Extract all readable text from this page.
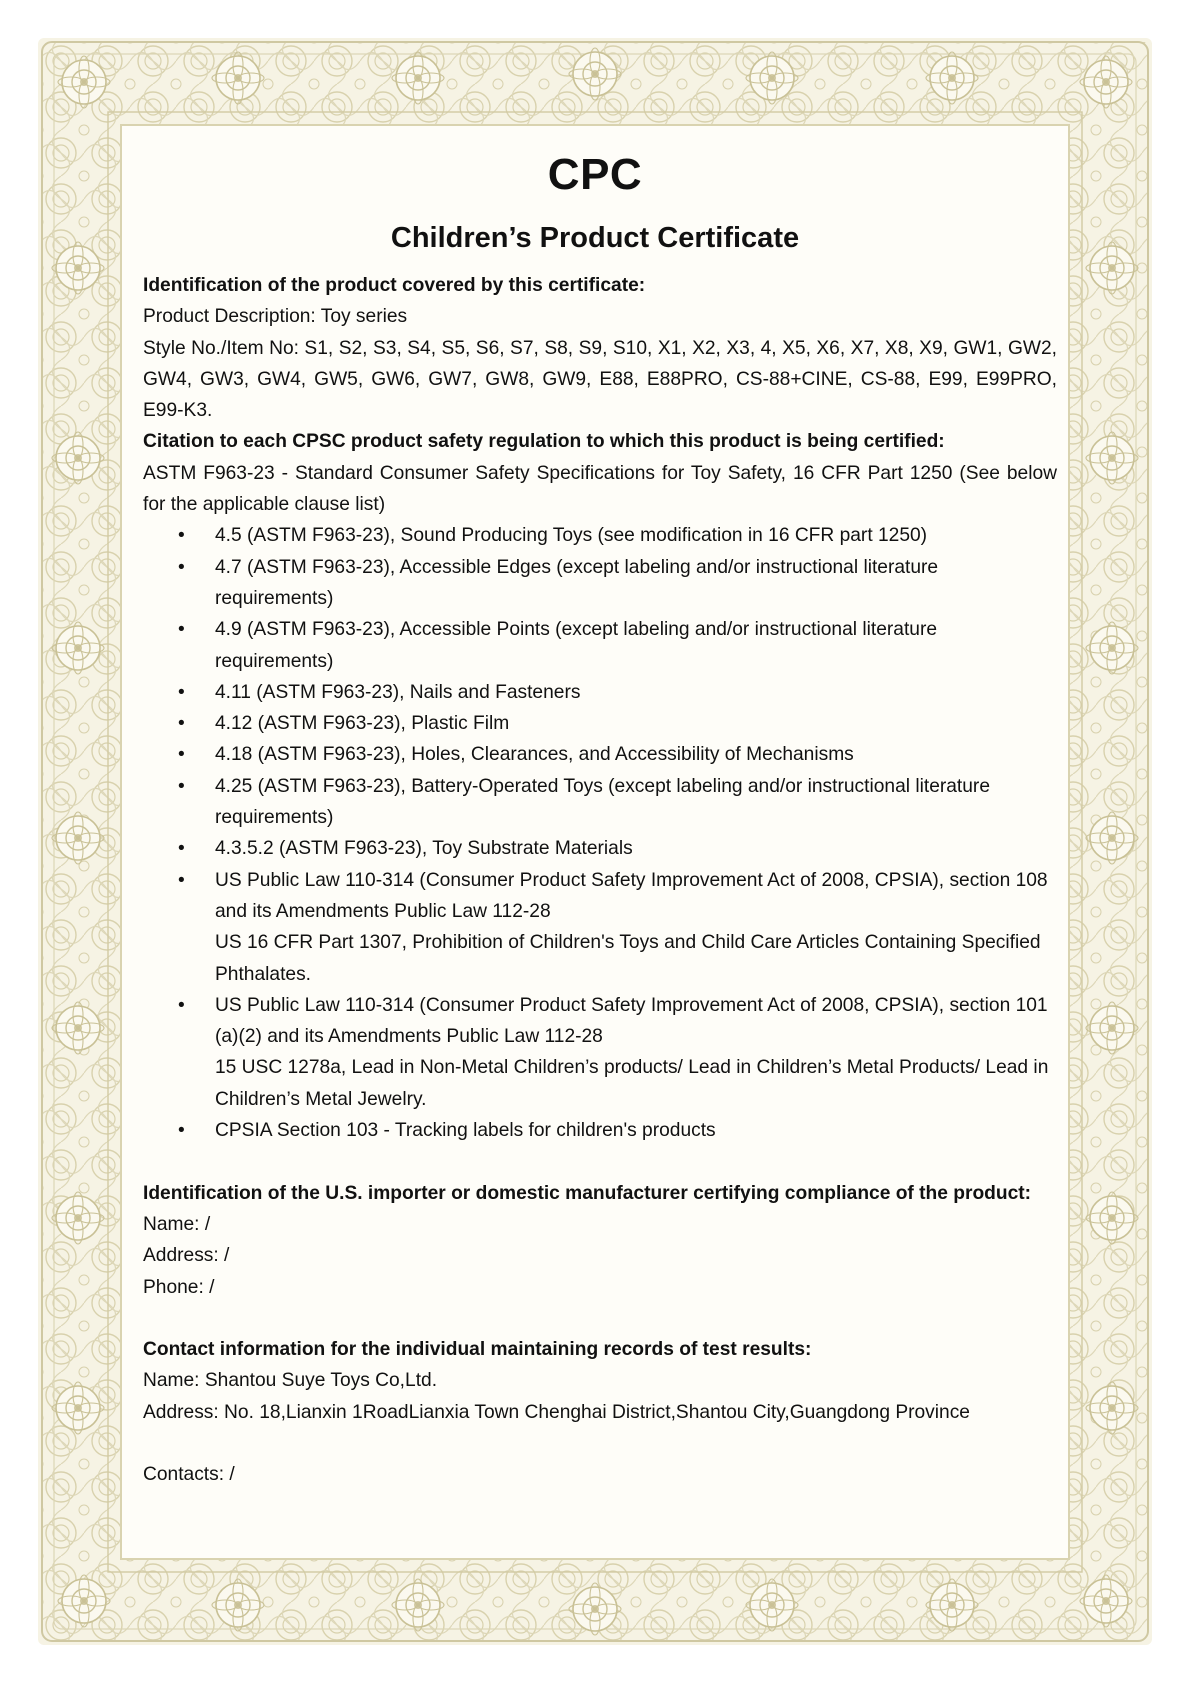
CPC
Children’s Product Certificate

Identification of the product covered by this certificate:

Product Description: Toy series

Style No./Item No: S1, S2, S3, S4, S5, S6, S7, S8, S9, S10, X1, X2, X3, 4, X5, X6, X7, X8, X9, GW1, GW2, GW4, GW3, GW4, GW5, GW6, GW7, GW8, GW9, E88, E88PRO, CS-88+CINE, CS-88, E99, E99PRO, E99-K3.

Citation to each CPSC product safety regulation to which this product is being certified:

ASTM F963-23 - Standard Consumer Safety Specifications for Toy Safety, 16 CFR Part 1250 (See below for the applicable clause list)

• 4.5 (ASTM F963-23), Sound Producing Toys (see modification in 16 CFR part 1250)
• 4.7 (ASTM F963-23), Accessible Edges (except labeling and/or instructional literature requirements)
• 4.9 (ASTM F963-23), Accessible Points (except labeling and/or instructional literature requirements)
• 4.11 (ASTM F963-23), Nails and Fasteners
• 4.12 (ASTM F963-23), Plastic Film
• 4.18 (ASTM F963-23), Holes, Clearances, and Accessibility of Mechanisms
• 4.25 (ASTM F963-23), Battery-Operated Toys (except labeling and/or instructional literature requirements)
• 4.3.5.2 (ASTM F963-23), Toy Substrate Materials
• US Public Law 110-314 (Consumer Product Safety Improvement Act of 2008, CPSIA), section 108 and its Amendments Public Law 112-28
US 16 CFR Part 1307, Prohibition of Children's Toys and Child Care Articles Containing Specified Phthalates.
• US Public Law 110-314 (Consumer Product Safety Improvement Act of 2008, CPSIA), section 101 (a)(2) and its Amendments Public Law 112-28
15 USC 1278a, Lead in Non-Metal Children’s products/ Lead in Children’s Metal Products/ Lead in Children’s Metal Jewelry.
• CPSIA Section 103 - Tracking labels for children's products

Identification of the U.S. importer or domestic manufacturer certifying compliance of the product:

Name: /

Address: /

Phone: /

Contact information for the individual maintaining records of test results:

Name: Shantou Suye Toys Co,Ltd.

Address: No. 18,Lianxin 1RoadLianxia Town Chenghai District,Shantou City,Guangdong Province

Contacts: /
